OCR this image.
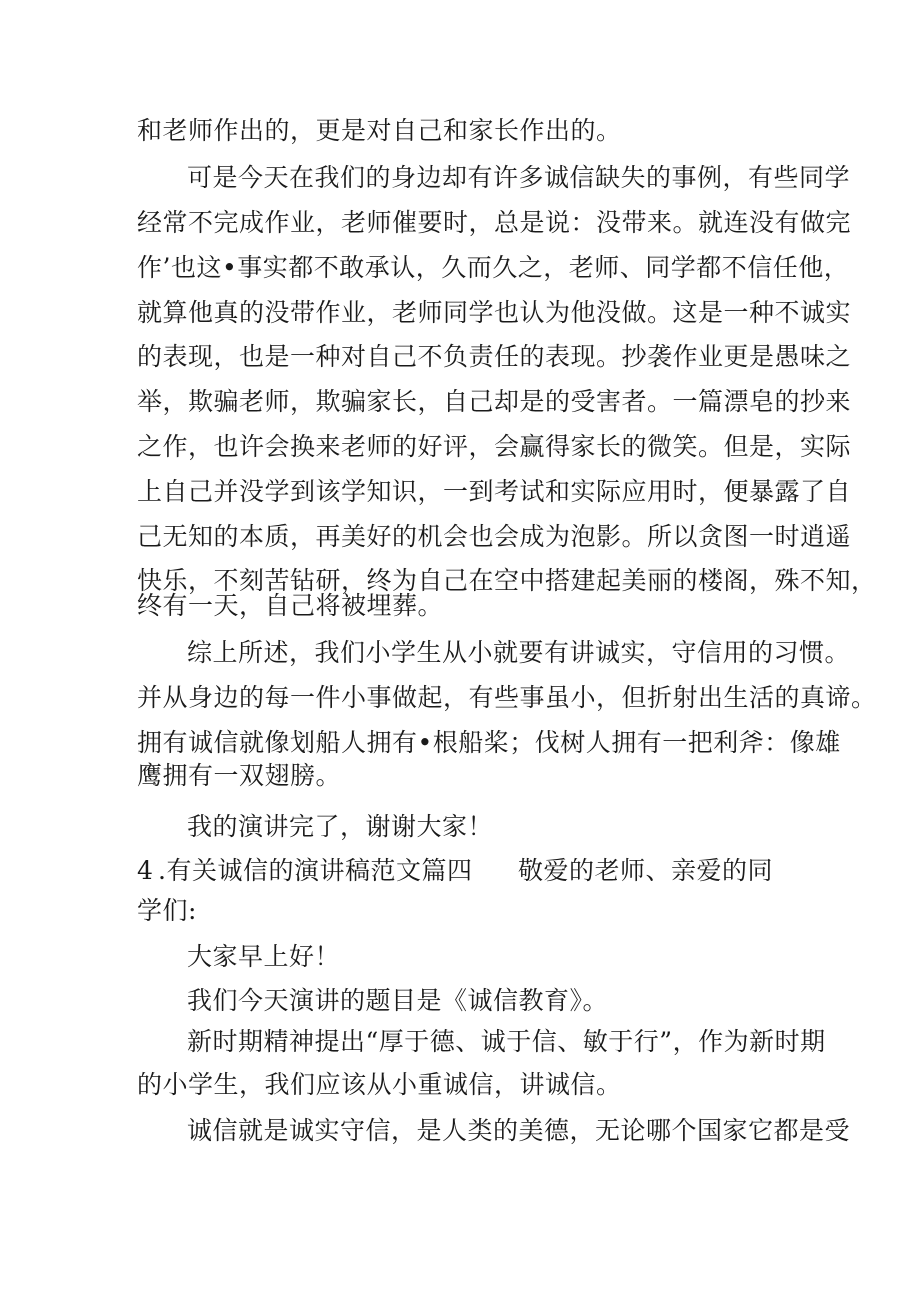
和老师作出的，更是对自己和家长作出的。
可是今天在我们的身边却有许多诚信缺失的事例，有些同学
经常不完成作业，老师催要时，总是说：没带来。就连没有做完
作’也这•事实都不敢承认，久而久之，老师、同学都不信任他，
就算他真的没带作业，老师同学也认为他没做。这是一种不诚实
的表现，也是一种对自己不负责任的表现。抄袭作业更是愚味之
举，欺骗老师，欺骗家长，自己却是的受害者。一篇漂皂的抄来
之作，也许会换来老师的好评，会赢得家长的微笑。但是，实际
上自己并没学到该学知识，一到考试和实际应用时，便暴露了自
己无知的本质，再美好的机会也会成为泡影。所以贪图一时逍遥
快乐，不刻苦钻研，终为自己在空中搭建起美丽的楼阁，殊不知，
终有一天，自己将被埋葬。
综上所述，我们小学生从小就要有讲诚实，守信用的习惯。
并从身边的每一件小事做起，有些事虽小，但折射出生活的真谛。
拥有诚信就像划船人拥有•根船桨；伐树人拥有一把利斧：像雄
鹰拥有一双翅膀。
我的演讲完了，谢谢大家！
4 .有关诚信的演讲稿范文篇四 敬爱的老师、亲爱的同
学们:
大家早上好！
我们今天演讲的题目是《诚信教育》。
新时期精神提出“厚于德、诚于信、敏于行”，作为新时期
的小学生，我们应该从小重诚信，讲诚信。
诚信就是诚实守信，是人类的美德，无论哪个国家它都是受
